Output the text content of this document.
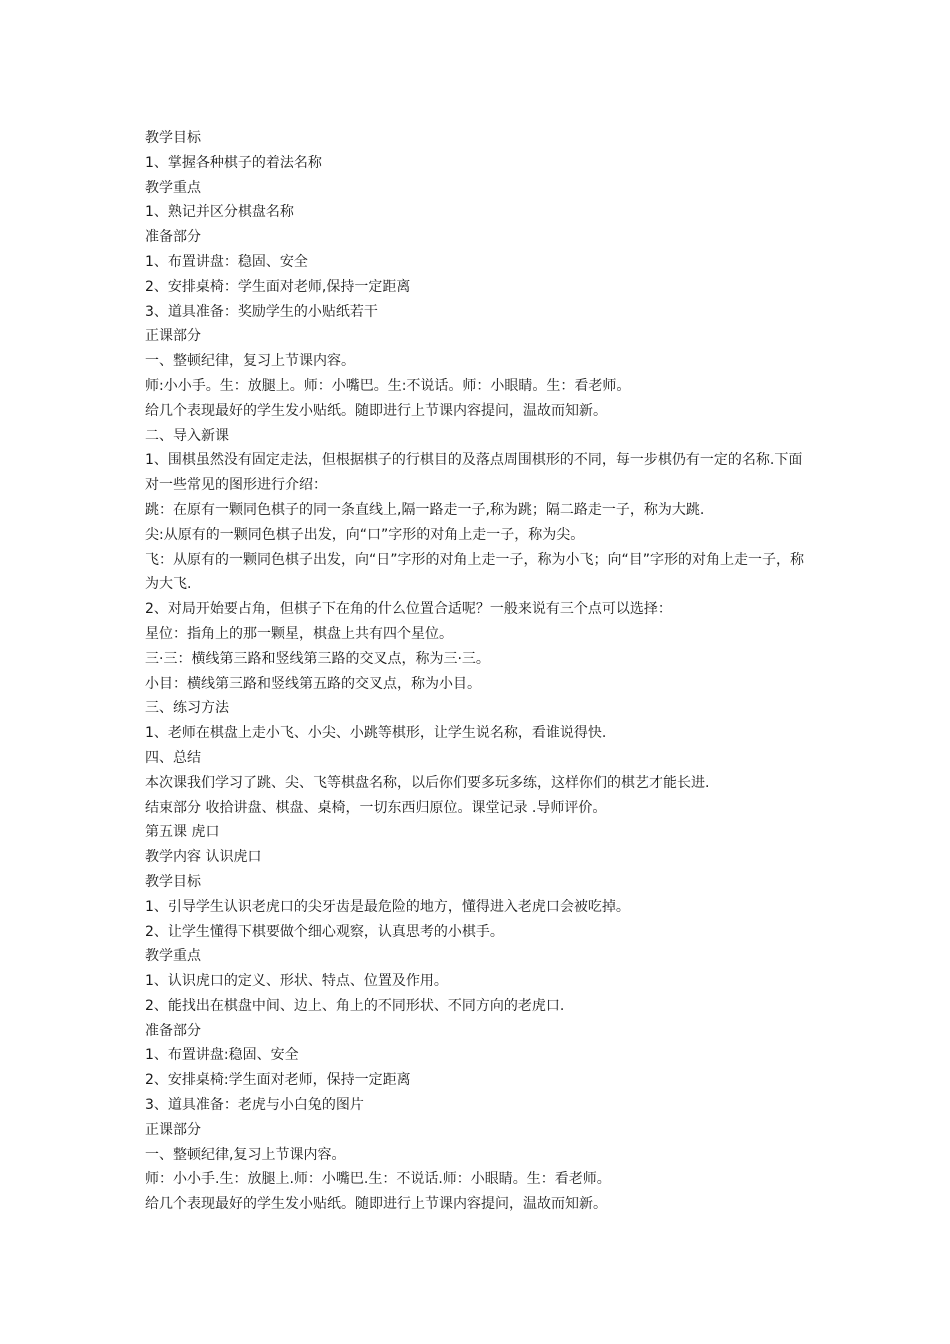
教学目标

1、掌握各种棋子的着法名称

教学重点

1、熟记并区分棋盘名称

准备部分

1、布置讲盘：稳固、安全

2、安排桌椅：学生面对老师,保持一定距离

3、道具准备：奖励学生的小贴纸若干

正课部分

一、整顿纪律，复习上节课内容。

师:小小手。生：放腿上。师：小嘴巴。生:不说话。师：小眼睛。生：看老师。

给几个表现最好的学生发小贴纸。随即进行上节课内容提问，温故而知新。

二、导入新课

1、围棋虽然没有固定走法，但根据棋子的行棋目的及落点周围棋形的不同，每一步棋仍有一定的名称.下面对一些常见的图形进行介绍：

跳：在原有一颗同色棋子的同一条直线上,隔一路走一子,称为跳；隔二路走一子，称为大跳.

尖:从原有的一颗同色棋子出发，向“口”字形的对角上走一子，称为尖。

飞：从原有的一颗同色棋子出发，向“日”字形的对角上走一子，称为小飞；向“目”字形的对角上走一子，称为大飞.

2、对局开始要占角，但棋子下在角的什么位置合适呢？一般来说有三个点可以选择：

星位：指角上的那一颗星，棋盘上共有四个星位。

三·三：横线第三路和竖线第三路的交叉点，称为三·三。

小目：横线第三路和竖线第五路的交叉点，称为小目。

三、练习方法

1、老师在棋盘上走小飞、小尖、小跳等棋形，让学生说名称，看谁说得快.

四、总结

本次课我们学习了跳、尖、飞等棋盘名称，以后你们要多玩多练，这样你们的棋艺才能长进.

结束部分 收拾讲盘、棋盘、桌椅，一切东西归原位。课堂记录 .导师评价。

第五课 虎口

教学内容 认识虎口

教学目标

1、引导学生认识老虎口的尖牙齿是最危险的地方，懂得进入老虎口会被吃掉。

2、让学生懂得下棋要做个细心观察，认真思考的小棋手。

教学重点

1、认识虎口的定义、形状、特点、位置及作用。

2、能找出在棋盘中间、边上、角上的不同形状、不同方向的老虎口.

准备部分

1、布置讲盘:稳固、安全

2、安排桌椅:学生面对老师，保持一定距离

3、道具准备：老虎与小白兔的图片

正课部分

一、整顿纪律,复习上节课内容。

师：小小手.生：放腿上.师：小嘴巴.生：不说话.师：小眼睛。生：看老师。

给几个表现最好的学生发小贴纸。随即进行上节课内容提问，温故而知新。
